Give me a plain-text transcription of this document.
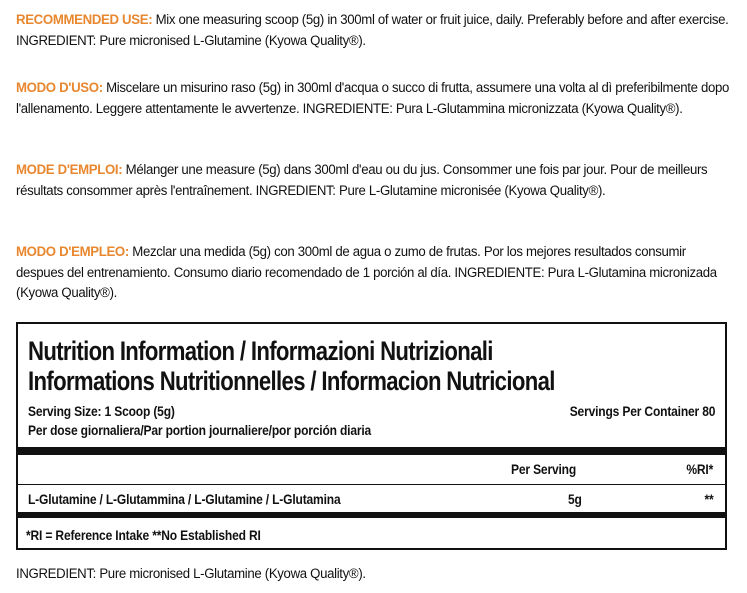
RECOMMENDED USE: Mix one measuring scoop (5g) in 300ml of water or fruit juice, daily. Preferably before and after exercise. INGREDIENT: Pure micronised L-Glutamine (Kyowa Quality®).
MODO D'USO: Miscelare un misurino raso (5g) in 300ml d'acqua o succo di frutta, assumere una volta al dì preferibilmente dopo l'allenamento. Leggere attentamente le avvertenze. INGREDIENTE: Pura L-Glutammina micronizzata (Kyowa Quality®).
MODE D'EMPLOI: Mélanger une measure (5g) dans 300ml d'eau ou du jus. Consommer une fois par jour. Pour de meilleurs résultats consommer après l'entraînement. INGREDIENT: Pure L-Glutamine micronisée (Kyowa Quality®).
MODO D'EMPLEO: Mezclar una medida (5g) con 300ml de agua o zumo de frutas. Por los mejores resultados consumir despues del entrenamiento. Consumo diario recomendado de 1 porción al día. INGREDIENTE: Pura L-Glutamina micronizada (Kyowa Quality®).
Nutrition Information / Informazioni Nutrizionali
Informations Nutritionnelles / Informacion Nutricional
Serving Size: 1 Scoop (5g)	Servings Per Container 80
Per dose giornaliera/Par portion journaliere/por porción diaria
Per Serving	%RI*
L-Glutamine / L-Glutammina / L-Glutamine / L-Glutamina	5g	**
*RI = Reference Intake **No Established RI
INGREDIENT: Pure micronised L-Glutamine (Kyowa Quality®).
